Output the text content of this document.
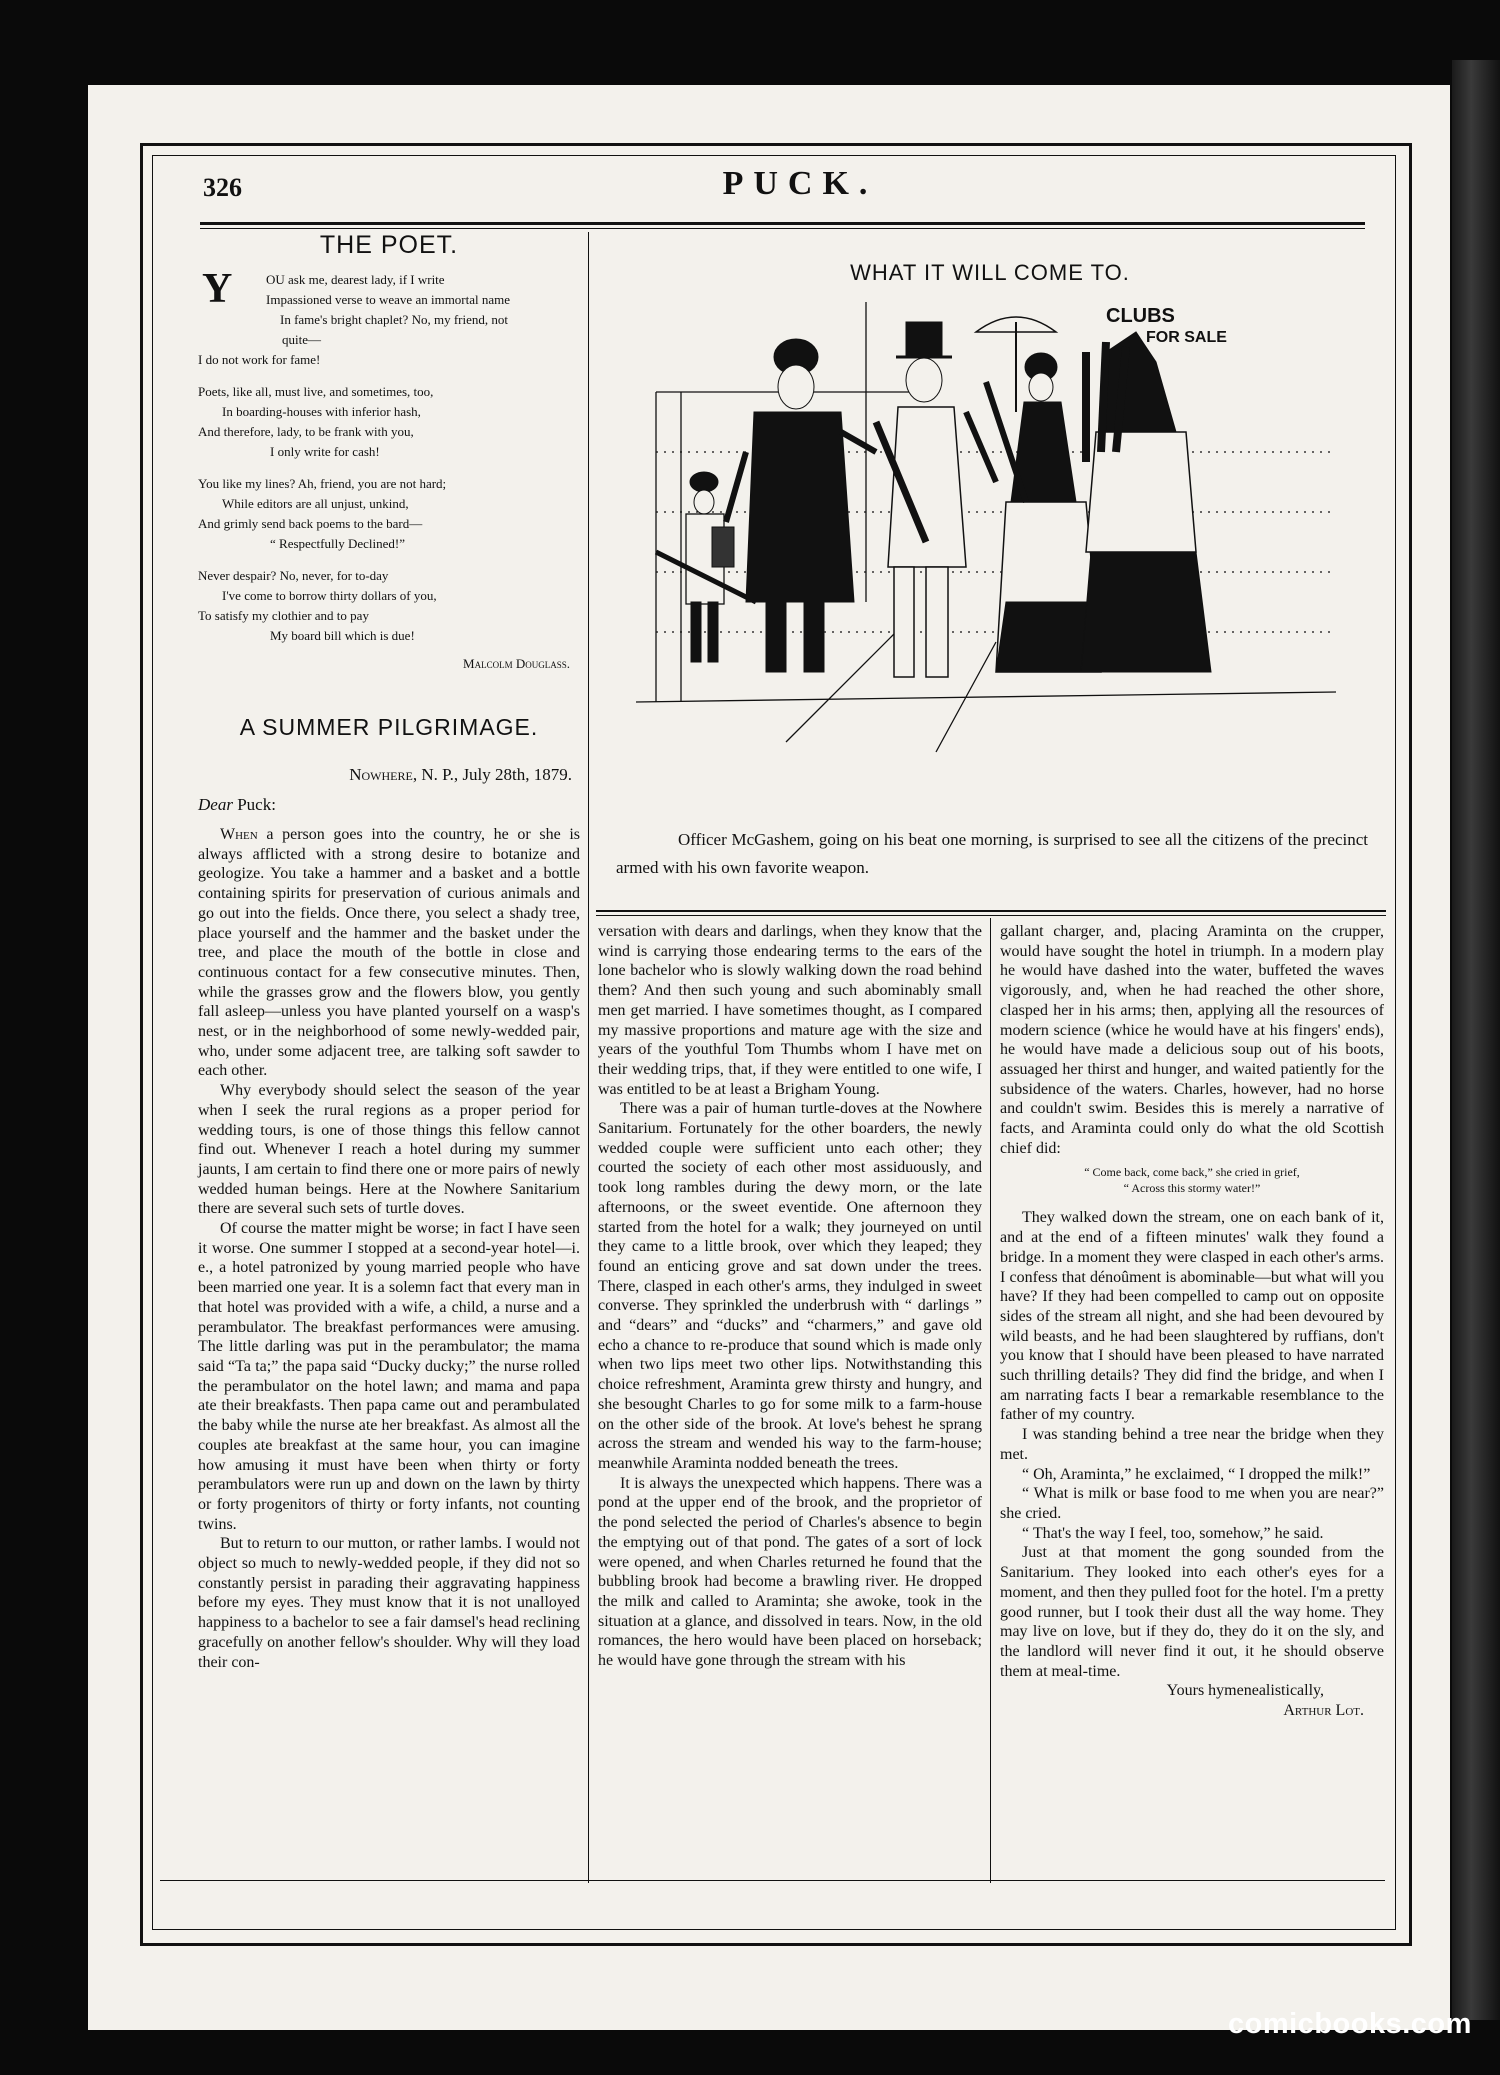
326	PUCK.
THE POET.
Y	OU ask me, dearest lady, if I write
Impassioned verse to weave an immortal name
In fame's bright chaplet? No, my friend, not
quite—
I do not work for fame!
Poets, like all, must live, and sometimes, too,
In boarding-houses with inferior hash,
And therefore, lady, to be frank with you,
I only write for cash!
You like my lines? Ah, friend, you are not hard;
While editors are all unjust, unkind,
And grimly send back poems to the bard—
“ Respectfully Declined!”
Never despair? No, never, for to-day
I've come to borrow thirty dollars of you,
To satisfy my clothier and to pay
My board bill which is due!
Malcolm Douglass.
A SUMMER PILGRIMAGE.
Nowhere, N. P., July 28th, 1879.
Dear Puck:

When a person goes into the country, he or she is always afflicted with a strong desire to botanize and geologize. You take a hammer and a basket and a bottle containing spirits for preservation of curious animals and go out into the fields. Once there, you select a shady tree, place yourself and the hammer and the basket under the tree, and place the mouth of the bottle in close and continuous contact for a few consecutive minutes. Then, while the grasses grow and the flowers blow, you gently fall asleep—unless you have planted yourself on a wasp's nest, or in the neighborhood of some newly-wedded pair, who, under some adjacent tree, are talking soft sawder to each other.

Why everybody should select the season of the year when I seek the rural regions as a proper period for wedding tours, is one of those things this fellow cannot find out. Whenever I reach a hotel during my summer jaunts, I am certain to find there one or more pairs of newly wedded human beings. Here at the Nowhere Sanitarium there are several such sets of turtle doves.

Of course the matter might be worse; in fact I have seen it worse. One summer I stopped at a second-year hotel—i. e., a hotel patronized by young married people who have been married one year. It is a solemn fact that every man in that hotel was provided with a wife, a child, a nurse and a perambulator. The breakfast performances were amusing. The little darling was put in the perambulator; the mama said “Ta ta;” the papa said “Ducky ducky;” the nurse rolled the perambulator on the hotel lawn; and mama and papa ate their breakfasts. Then papa came out and perambulated the baby while the nurse ate her breakfast. As almost all the couples ate breakfast at the same hour, you can imagine how amusing it must have been when thirty or forty perambulators were run up and down on the lawn by thirty or forty progenitors of thirty or forty infants, not counting twins.

But to return to our mutton, or rather lambs. I would not object so much to newly-wedded people, if they did not so constantly persist in parading their aggravating happiness before my eyes. They must know that it is not unalloyed happiness to a bachelor to see a fair damsel's head reclining gracefully on another fellow's shoulder. Why will they load their con-

WHAT IT WILL COME TO.
CLUBS
FOR SALE
Officer McGashem, going on his beat one morning, is surprised to see all the citizens of the precinct armed with his own favorite weapon.

versation with dears and darlings, when they know that the wind is carrying those endearing terms to the ears of the lone bachelor who is slowly walking down the road behind them? And then such young and such abominably small men get married. I have sometimes thought, as I compared my massive proportions and mature age with the size and years of the youthful Tom Thumbs whom I have met on their wedding trips, that, if they were entitled to one wife, I was entitled to be at least a Brigham Young.

There was a pair of human turtle-doves at the Nowhere Sanitarium. Fortunately for the other boarders, the newly wedded couple were sufficient unto each other; they courted the society of each other most assiduously, and took long rambles during the dewy morn, or the late afternoons, or the sweet eventide. One afternoon they started from the hotel for a walk; they journeyed on until they came to a little brook, over which they leaped; they found an enticing grove and sat down under the trees. There, clasped in each other's arms, they indulged in sweet converse. They sprinkled the underbrush with “ darlings ” and “dears” and “ducks” and “charmers,” and gave old echo a chance to re-produce that sound which is made only when two lips meet two other lips. Notwithstanding this choice refreshment, Araminta grew thirsty and hungry, and she besought Charles to go for some milk to a farm-house on the other side of the brook. At love's behest he sprang across the stream and wended his way to the farm-house; meanwhile Araminta nodded beneath the trees.

It is always the unexpected which happens. There was a pond at the upper end of the brook, and the proprietor of the pond selected the period of Charles's absence to begin the emptying out of that pond. The gates of a sort of lock were opened, and when Charles returned he found that the bubbling brook had become a brawling river. He dropped the milk and called to Araminta; she awoke, took in the situation at a glance, and dissolved in tears. Now, in the old romances, the hero would have been placed on horseback; he would have gone through the stream with his

gallant charger, and, placing Araminta on the crupper, would have sought the hotel in triumph. In a modern play he would have dashed into the water, buffeted the waves vigorously, and, when he had reached the other shore, clasped her in his arms; then, applying all the resources of modern science (whice he would have at his fingers' ends), he would have made a delicious soup out of his boots, assuaged her thirst and hunger, and waited patiently for the subsidence of the waters. Charles, however, had no horse and couldn't swim. Besides this is merely a narrative of facts, and Araminta could only do what the old Scottish chief did:

“ Come back, come back,” she cried in grief,
“ Across this stormy water!”

They walked down the stream, one on each bank of it, and at the end of a fifteen minutes' walk they found a bridge. In a moment they were clasped in each other's arms. I confess that dénoûment is abominable—but what will you have? If they had been compelled to camp out on opposite sides of the stream all night, and she had been devoured by wild beasts, and he had been slaughtered by ruffians, don't you know that I should have been pleased to have narrated such thrilling details? They did find the bridge, and when I am narrating facts I bear a remarkable resemblance to the father of my country.

I was standing behind a tree near the bridge when they met.

“ Oh, Araminta,” he exclaimed, “ I dropped the milk!”

“ What is milk or base food to me when you are near?” she cried.

“ That's the way I feel, too, somehow,” he said.

Just at that moment the gong sounded from the Sanitarium. They looked into each other's eyes for a moment, and then they pulled foot for the hotel. I'm a pretty good runner, but I took their dust all the way home. They may live on love, but if they do, they do it on the sly, and the landlord will never find it out, it he should observe them at meal-time.

Yours hymenealistically,

Arthur Lot.

comicbooks.com
